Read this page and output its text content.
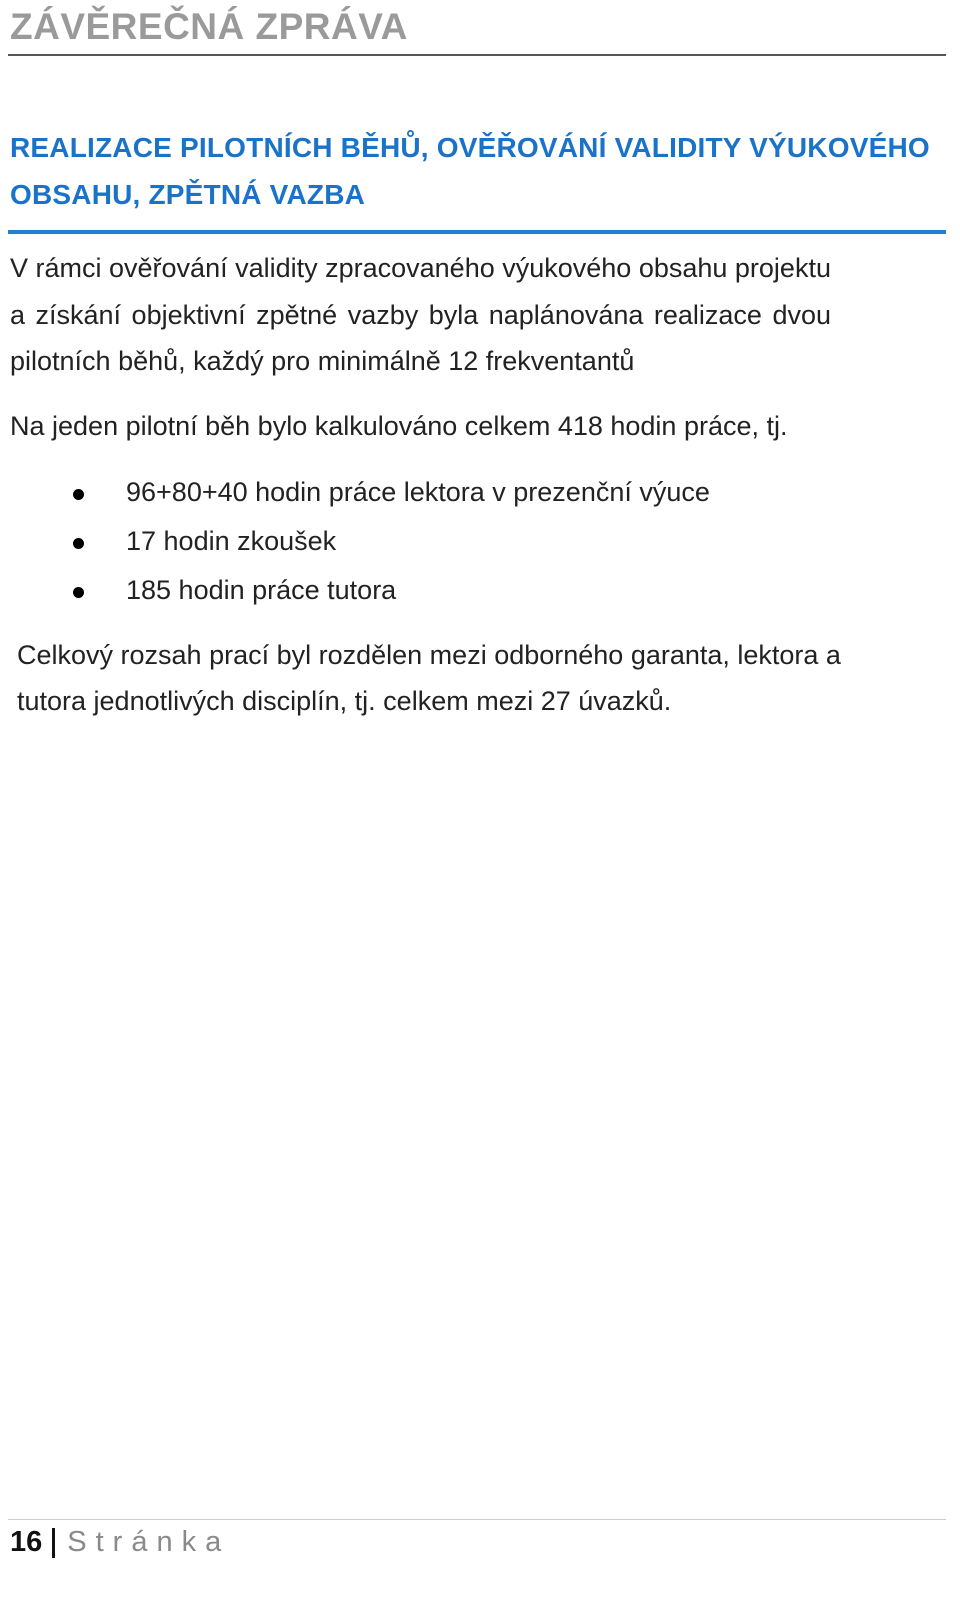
ZÁVĚREČNÁ ZPRÁVA
REALIZACE PILOTNÍCH BĚHŮ, OVĚŘOVÁNÍ VALIDITY VÝUKOVÉHO
OBSAHU, ZPĚTNÁ VAZBA
V rámci ověřování validity zpracovaného výukového obsahu projektu
a získání objektivní zpětné vazby byla naplánována realizace dvou
pilotních běhů, každý pro minimálně 12 frekventantů
Na jeden pilotní běh bylo kalkulováno celkem 418 hodin práce, tj.
96+80+40 hodin práce lektora v prezenční výuce
17 hodin zkoušek
185 hodin práce tutora
Celkový rozsah prací byl rozdělen mezi odborného garanta, lektora a
tutora jednotlivých disciplín, tj. celkem mezi 27 úvazků.
16 Stránka
